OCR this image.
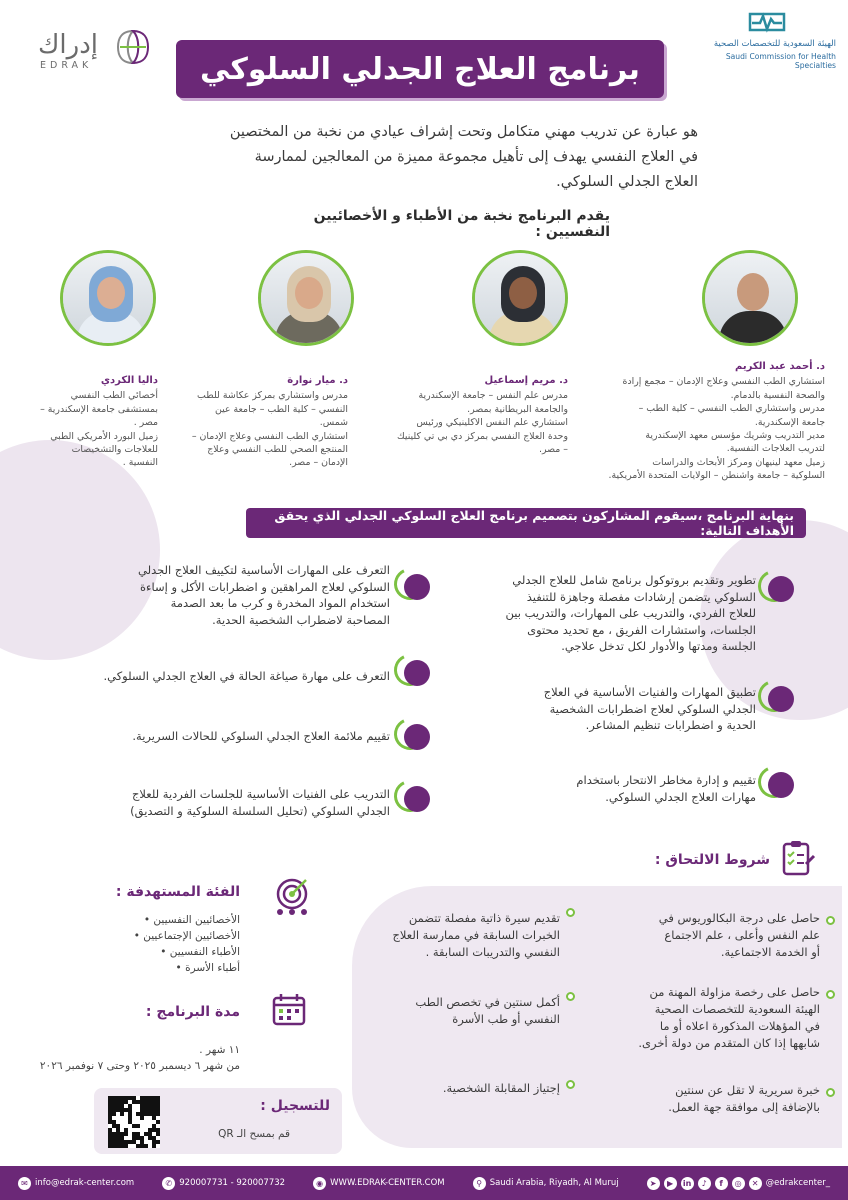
إدراك
EDRAK
الهيئة السعودية للتخصصات الصحية
Saudi Commission for Health Specialties
برنامج العلاج الجدلي السلوكي
هو عبارة عن تدريب مهني متكامل وتحت إشراف عيادي من نخبة من المختصين
في العلاج النفسي يهدف إلى تأهيل مجموعة مميزة من المعالجين لممارسة
العلاج الجدلي السلوكي.
يقدم البرنامج نخبة من الأطباء و الأخصائيين النفسيين :
د. أحمد عبد الكريم
استشاري الطب النفسي وعلاج الإدمان – مجمع إرادة
والصحة النفسية بالدمام.
مدرس واستشاري الطب النفسي – كلية الطب –
جامعة الإسكندرية.
مدير التدريب وشريك مؤسس معهد الإسكندرية
لتدريب العلاجات النفسية.
زميل معهد لينيهان ومركز الأبحاث والدراسات
السلوكية – جامعة واشنطن – الولايات المتحدة الأمريكية.
د. مريم إسماعيل
مدرس علم النفس – جامعة الإسكندرية
والجامعة البريطانية بمصر.
استشاري علم النفس الاكلينيكي ورئيس
وحدة العلاج النفسي بمركز دي بي تي كلينيك
– مصر.
د. ميار نوارة
مدرس واستشاري بمركز عكاشة للطب
النفسي – كلية الطب – جامعة عين
شمس.
استشاري الطب النفسي وعلاج الإدمان –
المنتجع الصحي للطب النفسي وعلاج
الإدمان – مصر.
داليا الكردي
أخصائي الطب النفسي
بمستشفى جامعة الإسكندرية –
مصر .
زميل البورد الأمريكي الطبي
للعلاجات والتشخيصات
النفسية .
بنهاية البرنامج ،سيقوم المشاركون بتصميم برنامج العلاج السلوكي الجدلي الذي يحقق الأهداف التالية:
تطوير وتقديم بروتوكول برنامج شامل للعلاج الجدلي
السلوكي يتضمن إرشادات مفصلة وجاهزة للتنفيذ
للعلاج الفردي، والتدريب على المهارات، والتدريب بين
الجلسات، واستشارات الفريق ، مع تحديد محتوى
الجلسة ومدتها والأدوار لكل تدخل علاجي.
تطبيق المهارات والفنيات الأساسية في العلاج
الجدلي السلوكي لعلاج اضطرابات الشخصية
الحدية و اضطرابات تنظيم المشاعر.
تقييم و إدارة مخاطر الانتحار باستخدام
مهارات العلاج الجدلي السلوكي.
التعرف على المهارات الأساسية لتكييف العلاج الجدلي
السلوكي لعلاج المراهقين و اضطرابات الأكل و إساءة
استخدام المواد المخدرة و كرب ما بعد الصدمة
المصاحبة لاضطراب الشخصية الحدية.
التعرف على مهارة صياغة الحالة في العلاج الجدلي السلوكي.
تقييم ملائمة العلاج الجدلي السلوكي للحالات السريرية.
التدريب على الفنيات الأساسية للجلسات الفردية للعلاج
الجدلي السلوكي (تحليل السلسلة السلوكية و التصديق)
شروط الالتحاق :
حاصل على درجة البكالوريوس في
علم النفس وأعلى ، علم الاجتماع
أو الخدمة الاجتماعية.
حاصل على رخصة مزاولة المهنة من
الهيئة السعودية للتخصصات الصحية
في المؤهلات المذكورة اعلاه أو ما
شابهها إذا كان المتقدم من دولة أخرى.
خبرة سريرية لا تقل عن سنتين
بالإضافة إلى موافقة جهة العمل.
تقديم سيرة ذاتية مفصلة تتضمن
الخبرات السابقة في ممارسة العلاج
النفسي والتدريبات السابقة .
أكمل سنتين في تخصص الطب
النفسي أو طب الأسرة
إجتياز المقابلة الشخصية.
الفئة المستهدفة :
الأخصائيين النفسيين •
الأخصائيين الإجتماعيين •
الأطباء النفسيين •
أطباء الأسرة •
مدة البرنامج :
١١ شهر .
من شهر ٦ ديسمبر ٢٠٢٥ وحتى ٧ نوفمبر ٢٠٢٦
للتسجيل :
قم بمسح الـ QR
✉ info@edrak-center.com	✆ 920007731 - 920007732	◉ WWW.EDRAK-CENTER.COM	⚲ Saudi Arabia, Riyadh, Al Muruj	➤	▶	in	♪	f	◎	✕ @edrakcenter_
